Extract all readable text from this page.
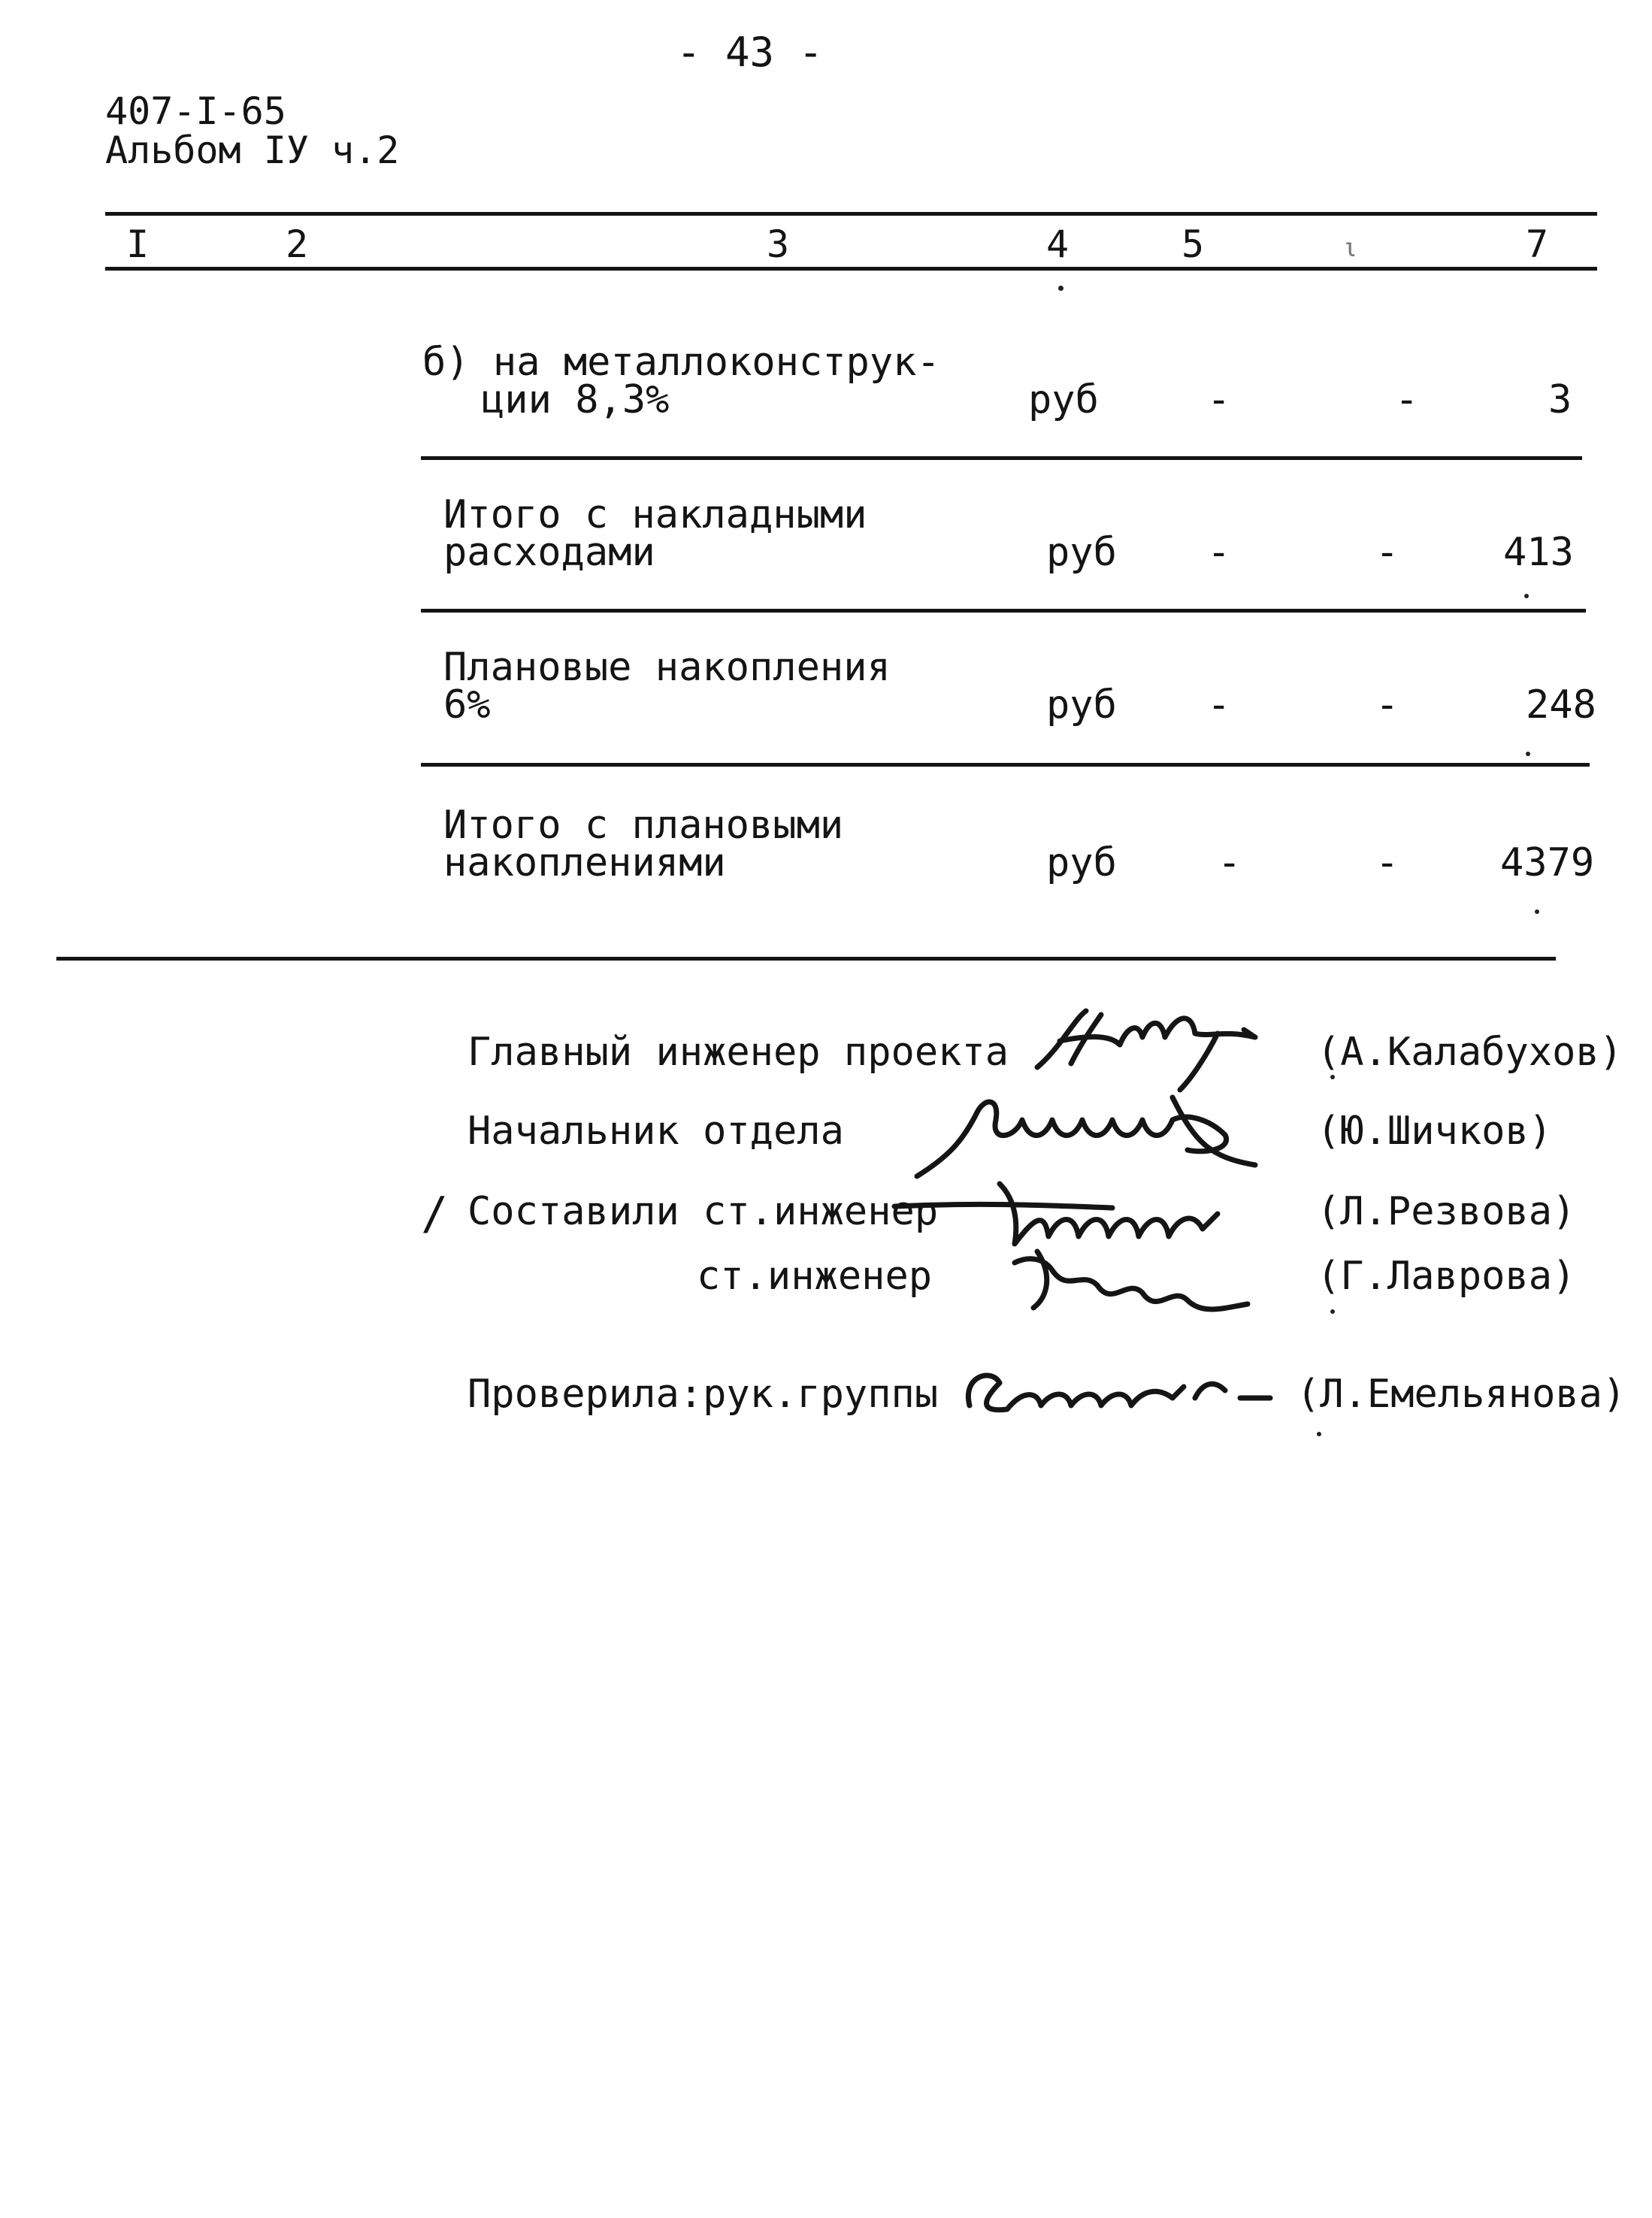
- 43 -
407-I-65
Альбом IУ ч.2
I	2	3	4	5	ι	7
б) на металлоконструк-
ции 8,3%	руб	-	-	3
Итого с накладными
расходами	руб -	-	413
Плановые накопления
6%	руб -	-	248
Итого с плановыми
накоплениями	руб	-	-	4379
Главный инженер проекта	(А.Калабухов)
Начальник отдела	(Ю.Шичков)
/ Составили ст.инженер	(Л.Резвова)
ст.инженер	(Г.Лаврова)
Проверила:рук.группы	(Л.Емельянова)
